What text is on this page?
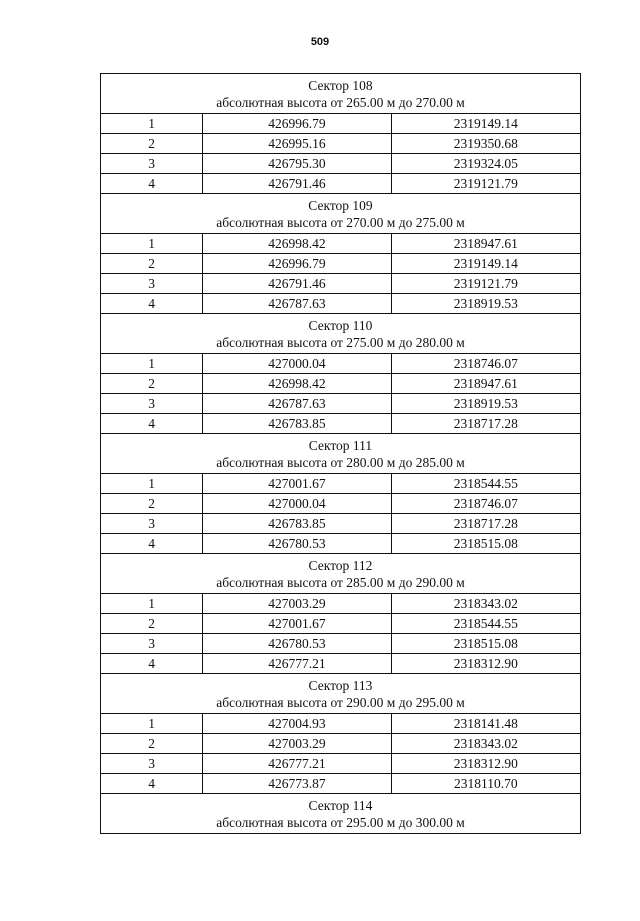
509
Сектор 108
абсолютная высота от 265.00 м до 270.00 м		

1	426996.79	2319149.14
2	426995.16	2319350.68
3	426795.30	2319324.05
4	426791.46	2319121.79

Сектор 109
абсолютная высота от 270.00 м до 275.00 м		

1	426998.42	2318947.61
2	426996.79	2319149.14
3	426791.46	2319121.79
4	426787.63	2318919.53

Сектор 110
абсолютная высота от 275.00 м до 280.00 м		

1	427000.04	2318746.07
2	426998.42	2318947.61
3	426787.63	2318919.53
4	426783.85	2318717.28

Сектор 111
абсолютная высота от 280.00 м до 285.00 м		

1	427001.67	2318544.55
2	427000.04	2318746.07
3	426783.85	2318717.28
4	426780.53	2318515.08

Сектор 112
абсолютная высота от 285.00 м до 290.00 м		

1	427003.29	2318343.02
2	427001.67	2318544.55
3	426780.53	2318515.08
4	426777.21	2318312.90

Сектор 113
абсолютная высота от 290.00 м до 295.00 м		

1	427004.93	2318141.48
2	427003.29	2318343.02
3	426777.21	2318312.90
4	426773.87	2318110.70

Сектор 114
абсолютная высота от 295.00 м до 300.00 м		
